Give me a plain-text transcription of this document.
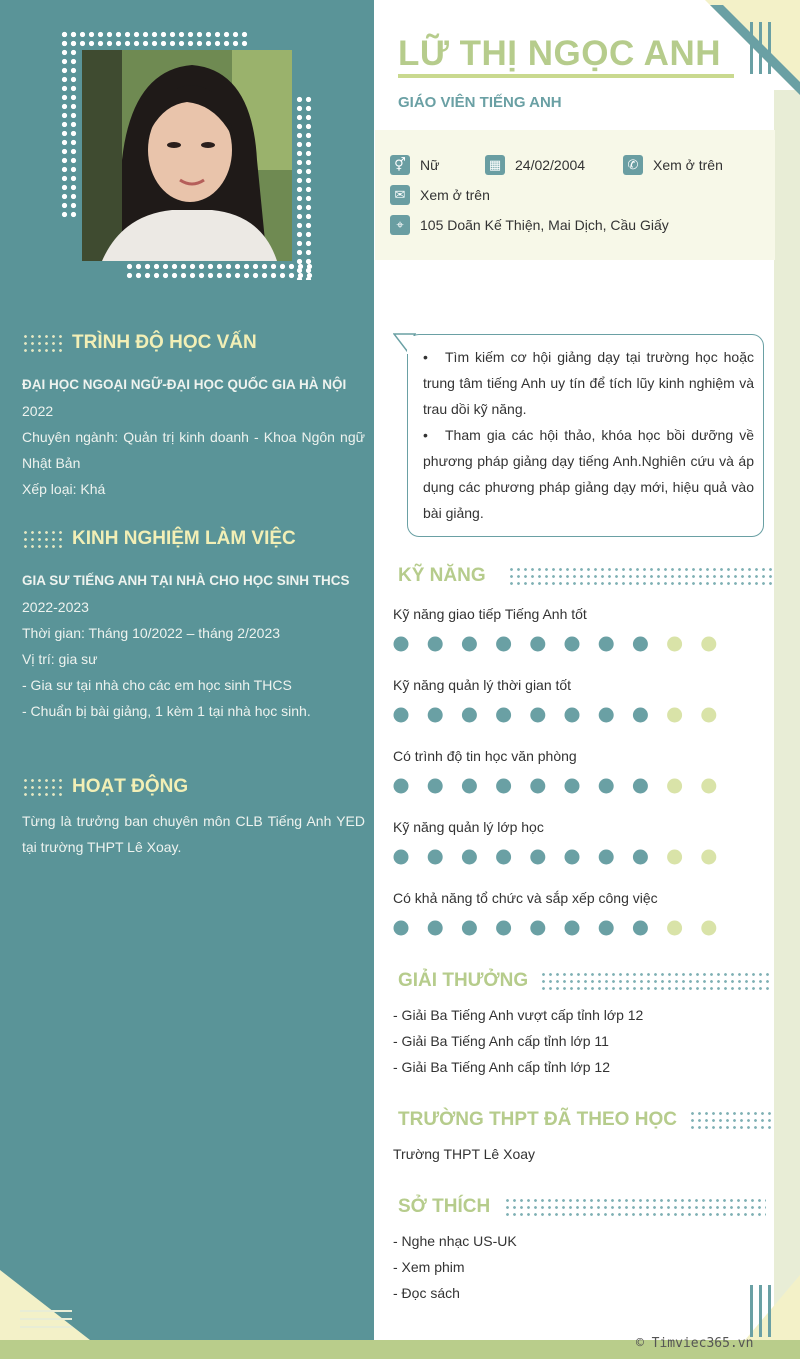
LỮ THỊ NGỌC ANH
GIÁO VIÊN TIẾNG ANH
⚥ Nữ	▦ 24/02/2004	✆	Xem ở trên
✉	Xem ở trên
⌖	105 Doãn Kế Thiện, Mai Dịch, Cầu Giấy
TRÌNH ĐỘ HỌC VẤN

ĐẠI HỌC NGOẠI NGỮ-ĐẠI HỌC QUỐC GIA HÀ NỘI

2022

Chuyên ngành: Quản trị kinh doanh - Khoa Ngôn ngữ Nhật Bản

Xếp loại: Khá

KINH NGHIỆM LÀM VIỆC

GIA SƯ TIẾNG ANH TẠI NHÀ CHO HỌC SINH THCS

2022-2023

Thời gian: Tháng 10/2022 – tháng 2/2023

Vị trí: gia sư

- Gia sư tại nhà cho các em học sinh THCS

- Chuẩn bị bài giảng, 1 kèm 1 tại nhà học sinh.

HOẠT ĐỘNG

Từng là trưởng ban chuyên môn CLB Tiếng Anh YED tại trường THPT Lê Xoay.

• Tìm kiếm cơ hội giảng dạy tại trường học hoặc trung tâm tiếng Anh uy tín để tích lũy kinh nghiệm và trau dồi kỹ năng.
• Tham gia các hội thảo, khóa học bồi dưỡng về phương pháp giảng dạy tiếng Anh.Nghiên cứu và áp dụng các phương pháp giảng dạy mới, hiệu quả vào bài giảng.
KỸ NĂNG
Kỹ năng giao tiếp Tiếng Anh tốt
Kỹ năng quản lý thời gian tốt
Có trình độ tin học văn phòng
Kỹ năng quản lý lớp học
Có khả năng tổ chức và sắp xếp công việc
GIẢI THƯỞNG
- Giải Ba Tiếng Anh vượt cấp tỉnh lớp 12
- Giải Ba Tiếng Anh cấp tỉnh lớp 11
- Giải Ba Tiếng Anh cấp tỉnh lớp 12
TRƯỜNG THPT ĐÃ THEO HỌC
Trường THPT Lê Xoay
SỞ THÍCH
- Nghe nhạc US-UK
- Xem phim
- Đọc sách
© Timviec365.vn
